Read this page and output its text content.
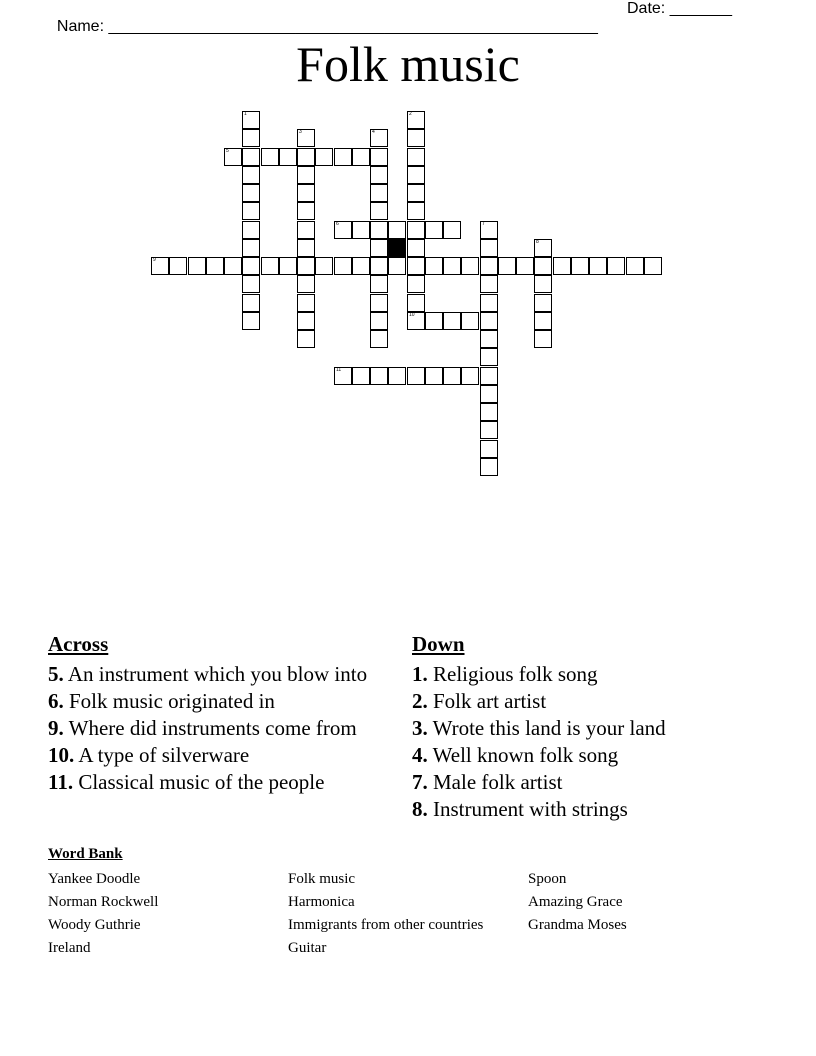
Name: _______________________________________________________

Date: _______

Folk music
5
6
9
10
11
1	2
3	4
7
8
Across
5. An instrument which you blow into
6. Folk music originated in
9. Where did instruments come from
10. A type of silverware
11. Classical music of the people
Down
1. Religious folk song
2. Folk art artist
3. Wrote this land is your land
4. Well known folk song
7. Male folk artist
8. Instrument with strings
Word Bank
Yankee Doodle
Norman Rockwell
Woody Guthrie
Ireland
Folk music
Harmonica
Immigrants from other countries
Guitar
Spoon
Amazing Grace
Grandma Moses
